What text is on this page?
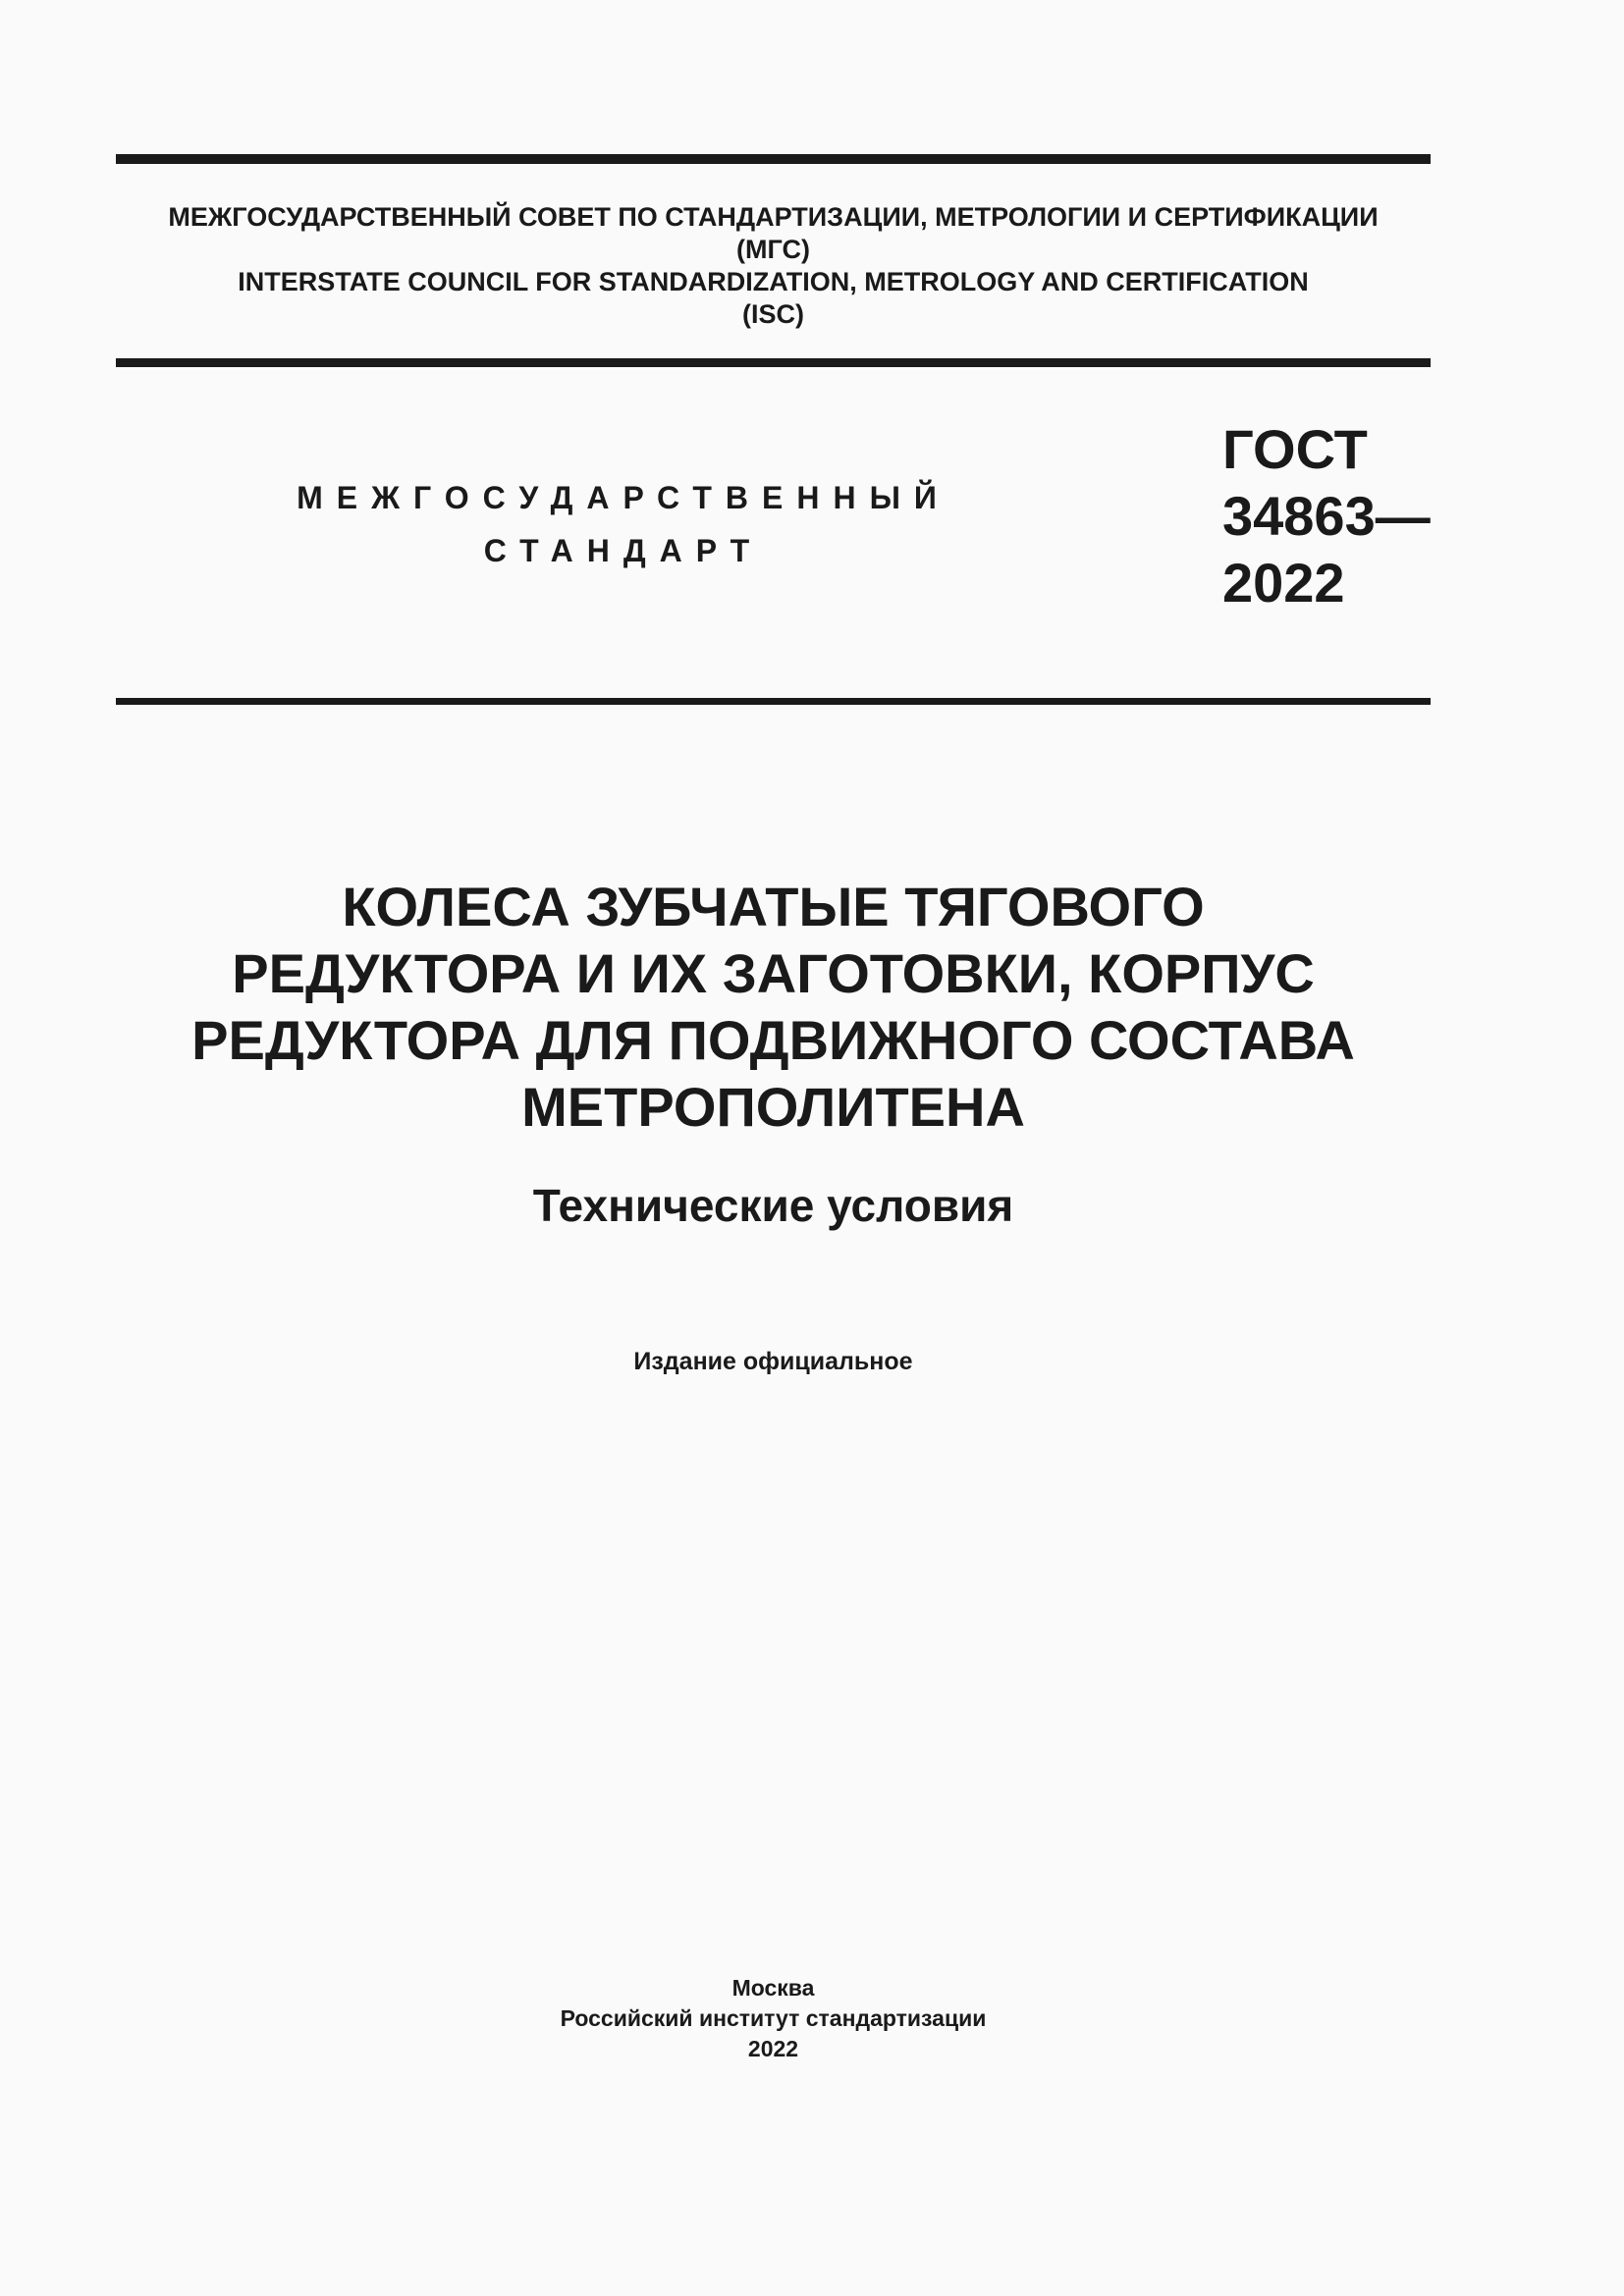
МЕЖГОСУДАРСТВЕННЫЙ СОВЕТ ПО СТАНДАРТИЗАЦИИ, МЕТРОЛОГИИ И СЕРТИФИКАЦИИ
(МГС)
INTERSTATE COUNCIL FOR STANDARDIZATION, METROLOGY AND CERTIFICATION
(ISC)
МЕЖГОСУДАРСТВЕННЫЙ
СТАНДАРТ
ГОСТ
34863—
2022
КОЛЕСА ЗУБЧАТЫЕ ТЯГОВОГО
РЕДУКТОРА И ИХ ЗАГОТОВКИ, КОРПУС
РЕДУКТОРА ДЛЯ ПОДВИЖНОГО СОСТАВА
МЕТРОПОЛИТЕНА
Технические условия
Издание официальное
Москва
Российский институт стандартизации
2022
